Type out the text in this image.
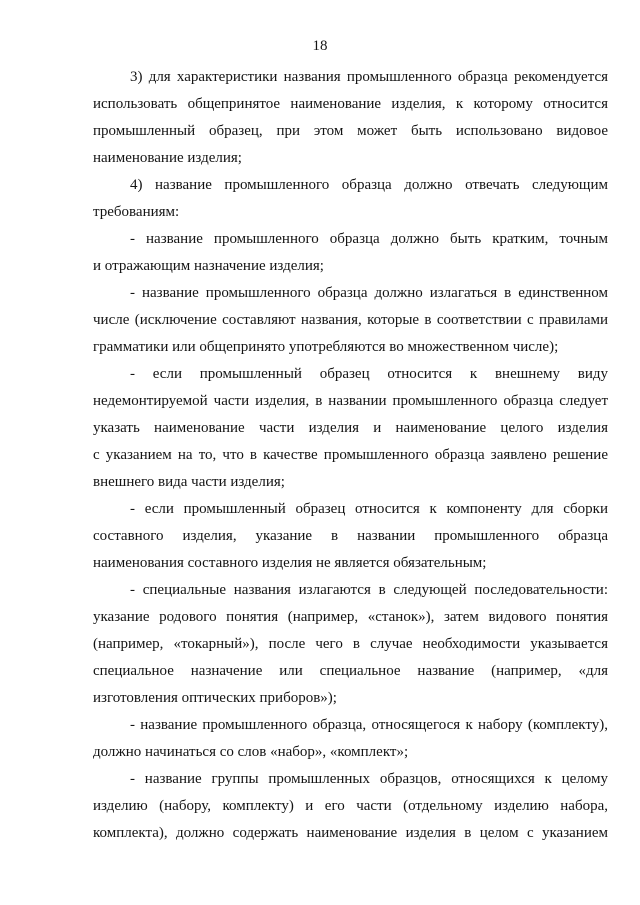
18
3) для характеристики названия промышленного образца рекомендуется
использовать общепринятое наименование изделия, к которому относится
промышленный образец, при этом может быть использовано видовое
наименование изделия;
4) название промышленного образца должно отвечать следующим
требованиям:
- название промышленного образца должно быть кратким, точным
и отражающим назначение изделия;
- название промышленного образца должно излагаться в единственном
числе (исключение составляют названия, которые в соответствии с правилами
грамматики или общепринято употребляются во множественном числе);
- если промышленный образец относится к внешнему виду
недемонтируемой части изделия, в названии промышленного образца следует
указать наименование части изделия и наименование целого изделия
с указанием на то, что в качестве промышленного образца заявлено решение
внешнего вида части изделия;
- если промышленный образец относится к компоненту для сборки
составного изделия, указание в названии промышленного образца
наименования составного изделия не является обязательным;
- специальные названия излагаются в следующей последовательности:
указание родового понятия (например, «станок»), затем видового понятия
(например, «токарный»), после чего в случае необходимости указывается
специальное назначение или специальное название (например, «для
изготовления оптических приборов»);
- название промышленного образца, относящегося к набору (комплекту),
должно начинаться со слов «набор», «комплект»;
- название группы промышленных образцов, относящихся к целому
изделию (набору, комплекту) и его части (отдельному изделию набора,
комплекта), должно содержать наименование изделия в целом с указанием
